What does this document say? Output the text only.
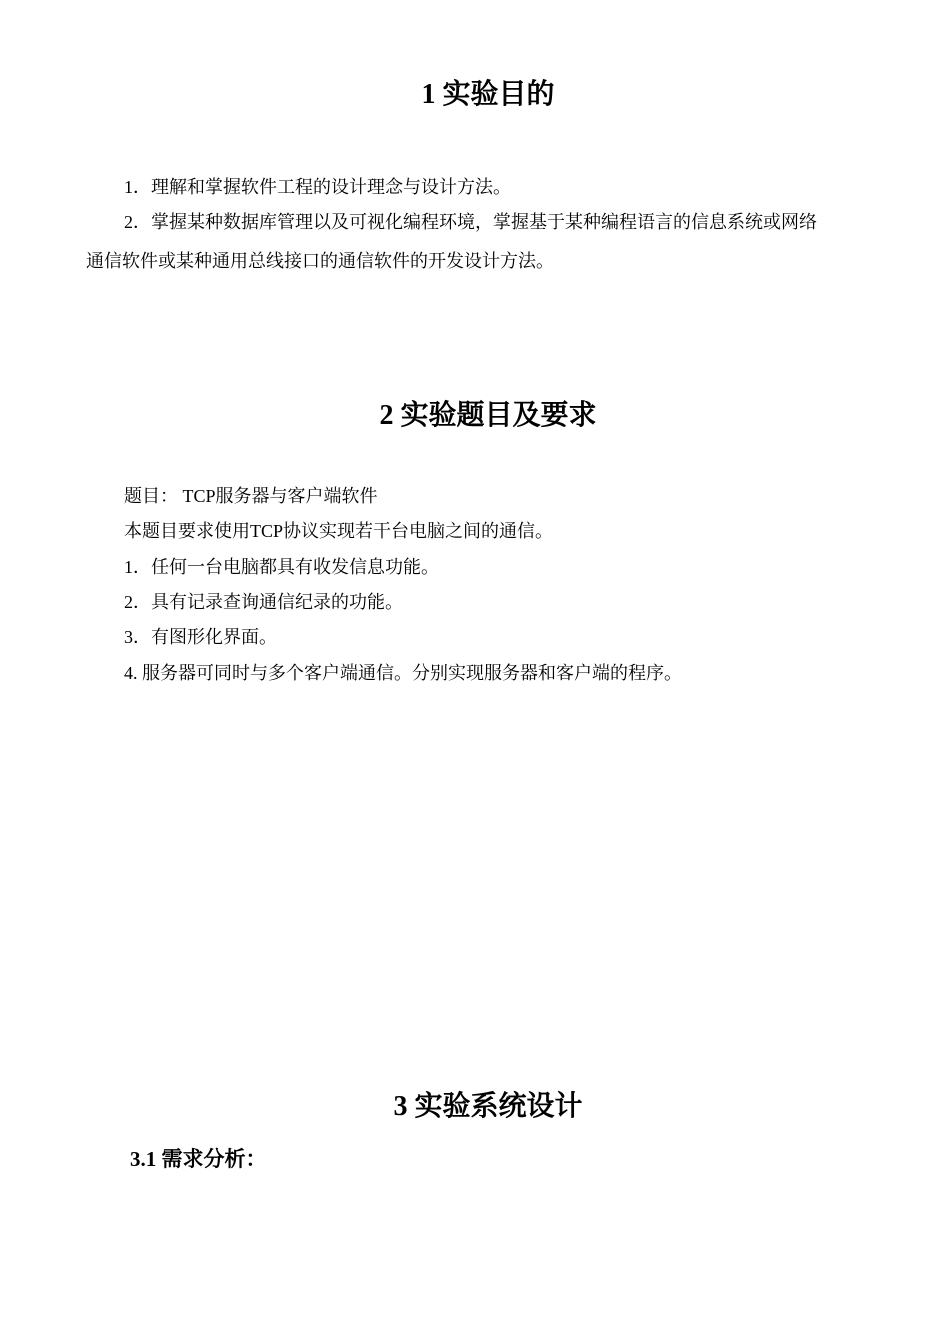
1 实验目的

1．理解和掌握软件工程的设计理念与设计方法。

2．掌握某种数据库管理以及可视化编程环境，掌握基于某种编程语言的信息系统或网络

通信软件或某种通用总线接口的通信软件的开发设计方法。

2 实验题目及要求

题目： TCP服务器与客户端软件

本题目要求使用TCP协议实现若干台电脑之间的通信。

1．任何一台电脑都具有收发信息功能。

2．具有记录查询通信纪录的功能。

3．有图形化界面。

4. 服务器可同时与多个客户端通信。分别实现服务器和客户端的程序。

3 实验系统设计

3.1 需求分析：
